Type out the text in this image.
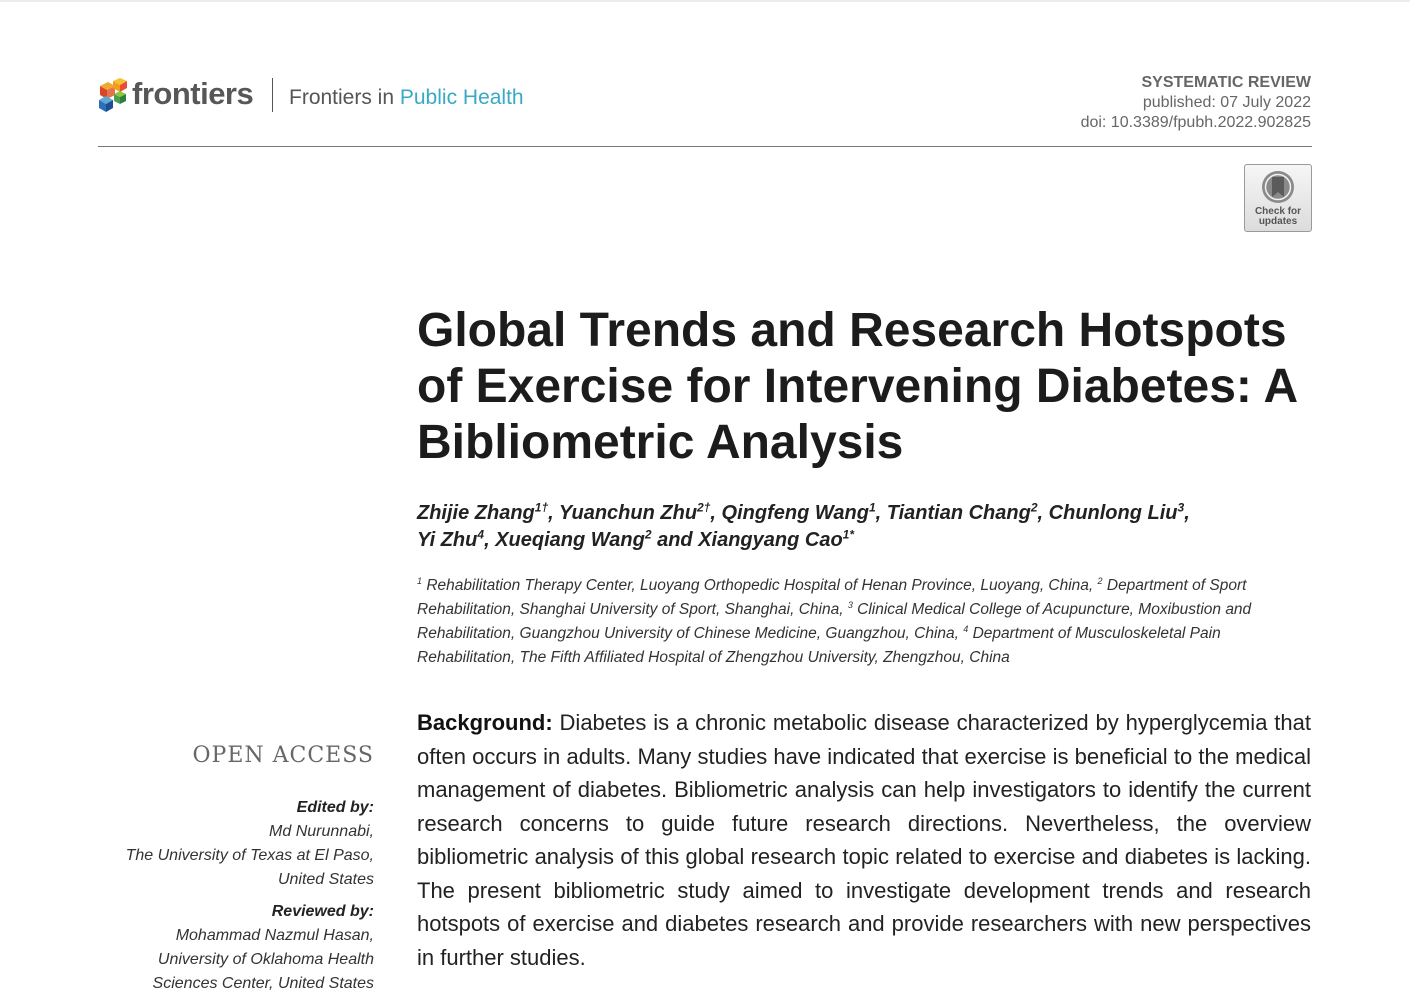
frontiers Frontiers in Public Health
SYSTEMATIC REVIEW
published: 07 July 2022
doi: 10.3389/fpubh.2022.902825
Check for
updates
Global Trends and Research Hotspots of Exercise for Intervening Diabetes: A Bibliometric Analysis
Zhijie Zhang$^{1\dagger}$, Yuanchun Zhu$^{2\dagger}$, Qingfeng Wang$^1$, Tiantian Chang$^2$, Chunlong Liu$^3$,
Yi Zhu$^4$, Xueqiang Wang$^2$ and Xiangyang Cao$^{1*}$
$^1$ Rehabilitation Therapy Center, Luoyang Orthopedic Hospital of Henan Province, Luoyang, China, $^2$ Department of Sport Rehabilitation, Shanghai University of Sport, Shanghai, China, $^3$ Clinical Medical College of Acupuncture, Moxibustion and Rehabilitation, Guangzhou University of Chinese Medicine, Guangzhou, China, $^4$ Department of Musculoskeletal Pain Rehabilitation, The Fifth Affiliated Hospital of Zhengzhou University, Zhengzhou, China

Background: Diabetes is a chronic metabolic disease characterized by hyperglycemia that often occurs in adults. Many studies have indicated that exercise is beneficial to the medical management of diabetes. Bibliometric analysis can help investigators to identify the current research concerns to guide future research directions. Nevertheless, the overview bibliometric analysis of this global research topic related to exercise and diabetes is lacking. The present bibliometric study aimed to investigate development trends and research hotspots of exercise and diabetes research and provide researchers with new perspectives in further studies.

OPEN ACCESS
Edited by:
Md Nurunnabi,
The University of Texas at El Paso,
United States
Reviewed by:
Mohammad Nazmul Hasan,
University of Oklahoma Health
Sciences Center, United States
